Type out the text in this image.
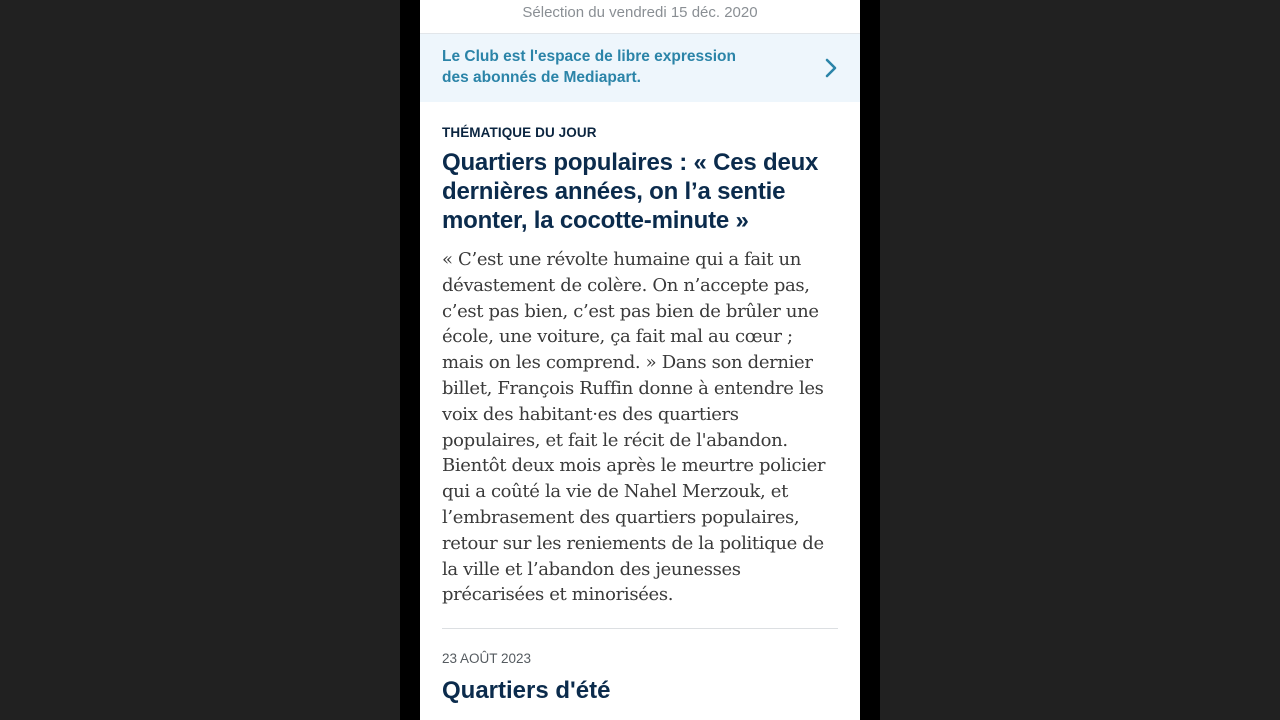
Sélection du vendredi 15 déc. 2020
Le Club est l'espace de libre expression
des abonnés de Mediapart.
THÉMATIQUE DU JOUR
Quartiers populaires : « Ces deux dernières années, on l’a sentie monter, la cocotte-minute »
« C’est une révolte humaine qui a fait un dévastement de colère. On n’accepte pas, c’est pas bien, c’est pas bien de brûler une école, une voiture, ça fait mal au cœur ; mais on les comprend. » Dans son dernier billet, François Ruffin donne à entendre les voix des habitant·es des quartiers populaires, et fait le récit de l'abandon. Bientôt deux mois après le meurtre policier qui a coûté la vie de Nahel Merzouk, et l’embrasement des quartiers populaires, retour sur les reniements de la politique de la ville et l’abandon des jeunesses précarisées et minorisées.
23 AOÛT 2023
Quartiers d'été
